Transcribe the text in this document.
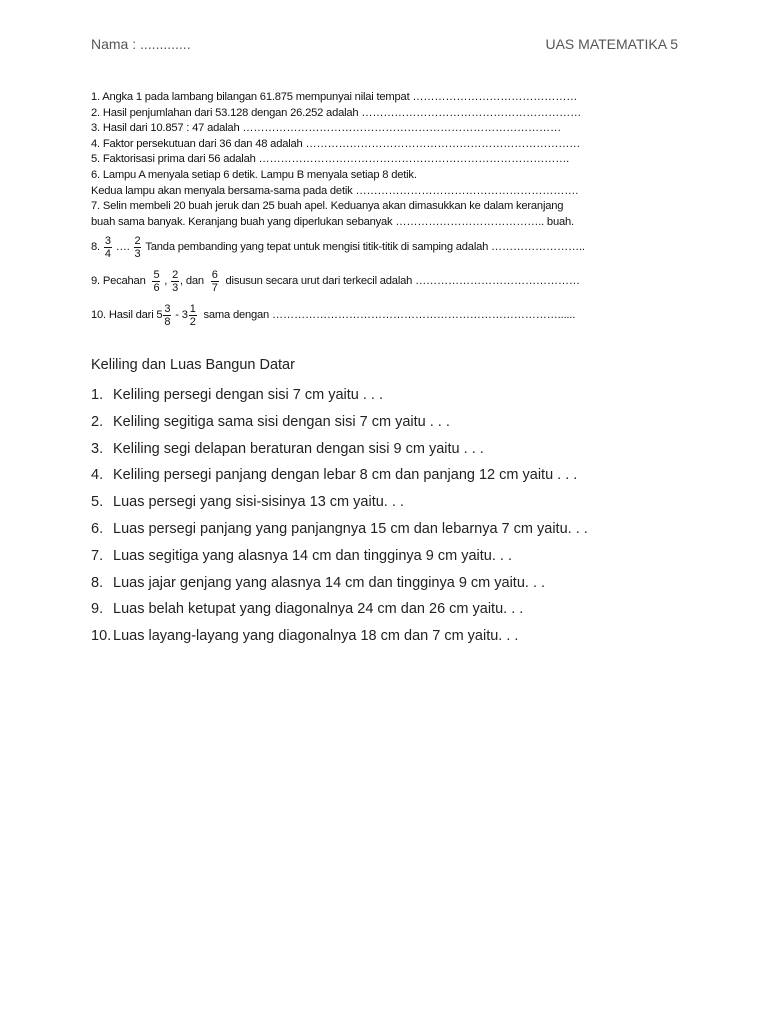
Nama : .............	UAS MATEMATIKA 5
1. Angka 1 pada lambang bilangan 61.875 mempunyai nilai tempat ………………………………………
2. Hasil penjumlahan dari 53.128 dengan 26.252 adalah ……………………………………………………
3. Hasil dari 10.857 : 47 adalah ……………………………………………………………………………
4. Faktor persekutuan dari 36 dan 48 adalah …………………………………………………………………
5. Faktorisasi prima dari 56 adalah ………………………………………………………………………….
6. Lampu A menyala setiap 6 detik. Lampu B menyala setiap 8 detik.
Kedua lampu akan menyala bersama-sama pada detik …………………………………………………….
7. Selin membeli 20 buah jeruk dan 25 buah apel. Keduanya akan dimasukkan ke dalam keranjang
buah sama banyak. Keranjang buah yang diperlukan sebanyak ………………………………….. buah.
8.
$\frac{3}{4}$
….
$\frac{2}{3}$
Tanda pembanding yang tepat untuk mengisi titik-titik di samping adalah ……………………..
9. Pecahan
$\frac{5}{6}$
,
$\frac{2}{3}$ , dan
$\frac{6}{7}$
disusun secara urut dari terkecil adalah ………………………………………
10. Hasil dari $5 \frac{3}{8}$
- $3 \frac{1}{2}$
sama dengan ……………………………………………………………………......
Keliling dan Luas Bangun Datar
1. Keliling persegi dengan sisi 7 cm yaitu . . .
2. Keliling segitiga sama sisi dengan sisi 7 cm yaitu . . .
3. Keliling segi delapan beraturan dengan sisi 9 cm yaitu . . .
4. Keliling persegi panjang dengan lebar 8 cm dan panjang 12 cm yaitu . . .
5. Luas persegi yang sisi-sisinya 13 cm yaitu. . .
6. Luas persegi panjang yang panjangnya 15 cm dan lebarnya 7 cm yaitu. . .
7. Luas segitiga yang alasnya 14 cm dan tingginya 9 cm yaitu. . .
8. Luas jajar genjang yang alasnya 14 cm dan tingginya 9 cm yaitu. . .
9. Luas belah ketupat yang diagonalnya 24 cm dan 26 cm yaitu. . .
10. Luas layang-layang yang diagonalnya 18 cm dan 7 cm yaitu. . .
